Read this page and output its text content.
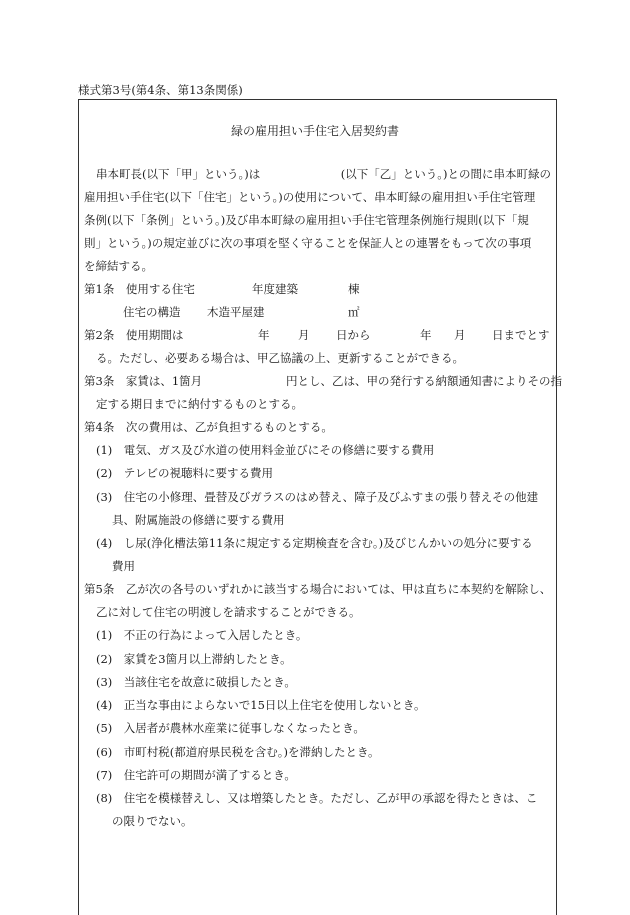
様式第3号(第4条、第13条関係)
緑の雇用担い手住宅入居契約書
串本町長(以下「甲」という。)は　　　　　　　(以下「乙」という。)との間に串本町緑の
雇用担い手住宅(以下「住宅」という。)の使用について、串本町緑の雇用担い手住宅管理
条例(以下「条例」という。)及び串本町緑の雇用担い手住宅管理条例施行規則(以下「規
則」という。)の規定並びに次の事項を堅く守ることを保証人との連署をもって次の事項
を締結する。
第1条　使用する住宅	年度建築	棟
住宅の構造 木造平屋建	㎡
第2条　使用期間は	年 月 日から	年 月 日までとす
る。ただし、必要ある場合は、甲乙協議の上、更新することができる。
第3条　家賃は、1箇月	円とし、乙は、甲の発行する納額通知書によりその指
定する期日までに納付するものとする。
第4条　次の費用は、乙が負担するものとする。
(1)　電気、ガス及び水道の使用料金並びにその修繕に要する費用
(2)　テレビの視聴料に要する費用
(3)　住宅の小修理、畳替及びガラスのはめ替え、障子及びふすまの張り替えその他建
具、附属施設の修繕に要する費用
(4)　し尿(浄化槽法第11条に規定する定期検査を含む。)及びじんかいの処分に要する
費用
第5条　乙が次の各号のいずれかに該当する場合においては、甲は直ちに本契約を解除し、
乙に対して住宅の明渡しを請求することができる。
(1)　不正の行為によって入居したとき。
(2)　家賃を3箇月以上滞納したとき。
(3)　当該住宅を故意に破損したとき。
(4)　正当な事由によらないで15日以上住宅を使用しないとき。
(5)　入居者が農林水産業に従事しなくなったとき。
(6)　市町村税(都道府県民税を含む。)を滞納したとき。
(7)　住宅許可の期間が満了するとき。
(8)　住宅を模様替えし、又は増築したとき。ただし、乙が甲の承認を得たときは、こ
の限りでない。
